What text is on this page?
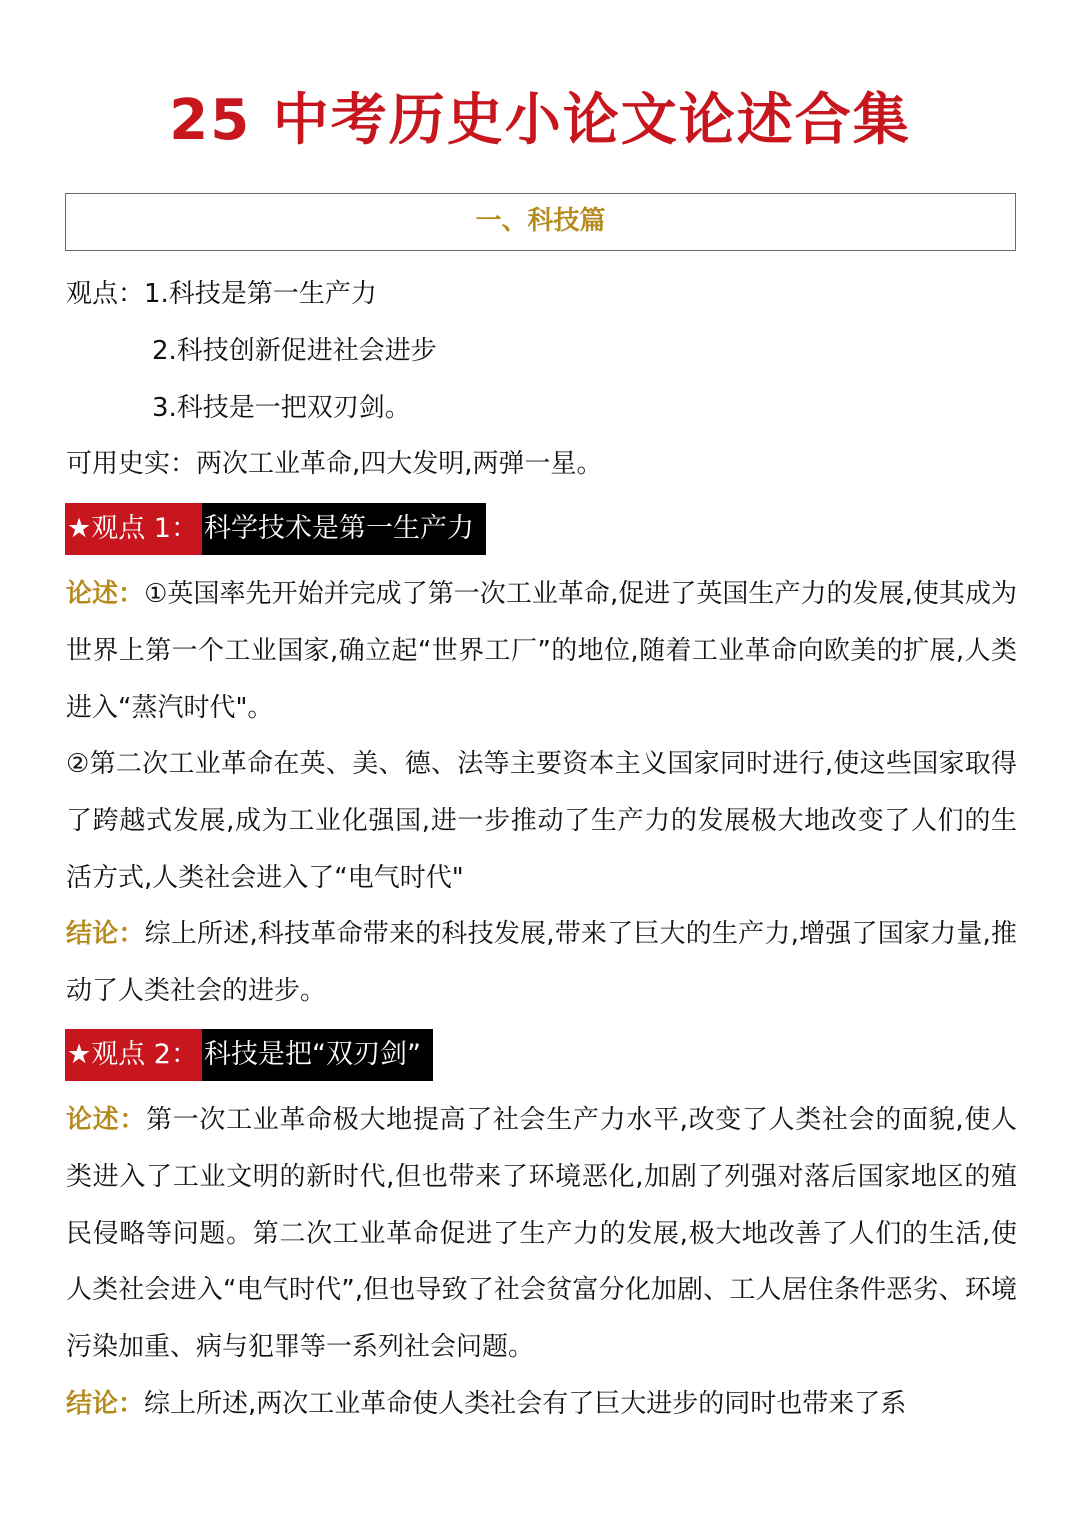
25 中考历史小论文论述合集
一、科技篇
观点：1.科技是第一生产力
2.科技创新促进社会进步
3.科技是一把双刃剑。
可用史实：两次工业革命,四大发明,两弹一星。
★观点 1： 科学技术是第一生产力
论述：①英国率先开始并完成了第一次工业革命,促进了英国生产力的发展,使其成为世界上第一个工业国家,确立起“世界工厂”的地位,随着工业革命向欧美的扩展,人类进入“蒸汽时代"。
②第二次工业革命在英、美、德、法等主要资本主义国家同时进行,使这些国家取得了跨越式发展,成为工业化强国,进一步推动了生产力的发展极大地改变了人们的生活方式,人类社会进入了“电气时代"
结论：综上所述,科技革命带来的科技发展,带来了巨大的生产力,增强了国家力量,推动了人类社会的进步。
★观点 2： 科技是把“双刃剑”
论述：第一次工业革命极大地提高了社会生产力水平,改变了人类社会的面貌,使人类进入了工业文明的新时代,但也带来了环境恶化,加剧了列强对落后国家地区的殖民侵略等问题。第二次工业革命促进了生产力的发展,极大地改善了人们的生活,使人类社会进入“电气时代”,但也导致了社会贫富分化加剧、工人居住条件恶劣、环境污染加重、病与犯罪等一系列社会问题。
结论：综上所述,两次工业革命使人类社会有了巨大进步的同时也带来了系
